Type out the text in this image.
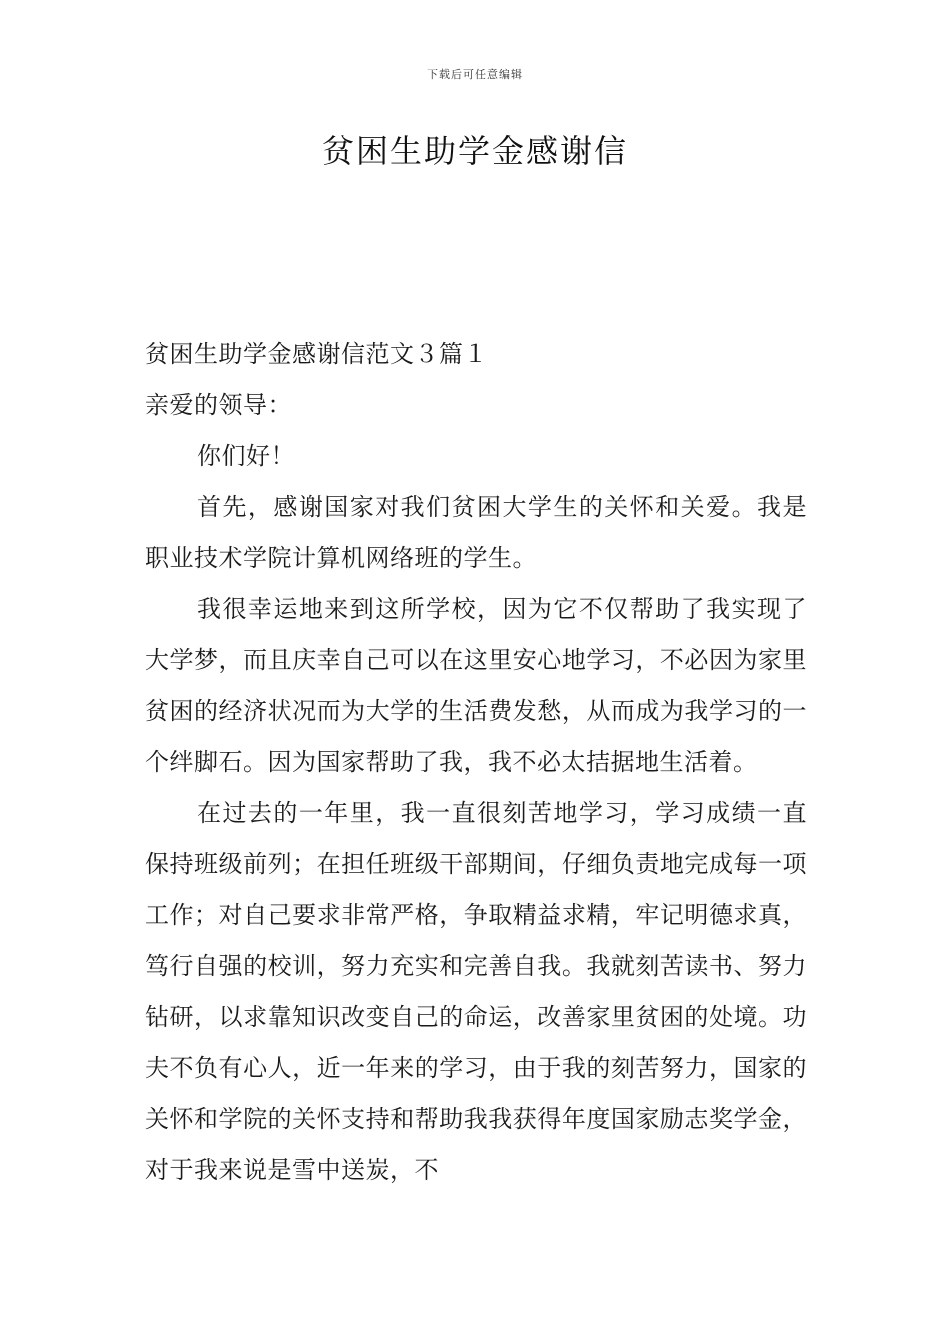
下载后可任意编辑
贫困生助学金感谢信

贫困生助学金感谢信范文３篇１

亲爱的领导：

你们好！

首先，感谢国家对我们贫困大学生的关怀和关爱。我是职业技术学院计算机网络班的学生。

我很幸运地来到这所学校，因为它不仅帮助了我实现了大学梦，而且庆幸自己可以在这里安心地学习，不必因为家里贫困的经济状况而为大学的生活费发愁，从而成为我学习的一个绊脚石。因为国家帮助了我，我不必太拮据地生活着。

在过去的一年里，我一直很刻苦地学习，学习成绩一直保持班级前列；在担任班级干部期间，仔细负责地完成每一项工作；对自己要求非常严格，争取精益求精，牢记明德求真，笃行自强的校训，努力充实和完善自我。我就刻苦读书、努力钻研，以求靠知识改变自己的命运，改善家里贫困的处境。功夫不负有心人，近一年来的学习，由于我的刻苦努力，国家的关怀和学院的关怀支持和帮助我我获得年度国家励志奖学金，对于我来说是雪中送炭，不
